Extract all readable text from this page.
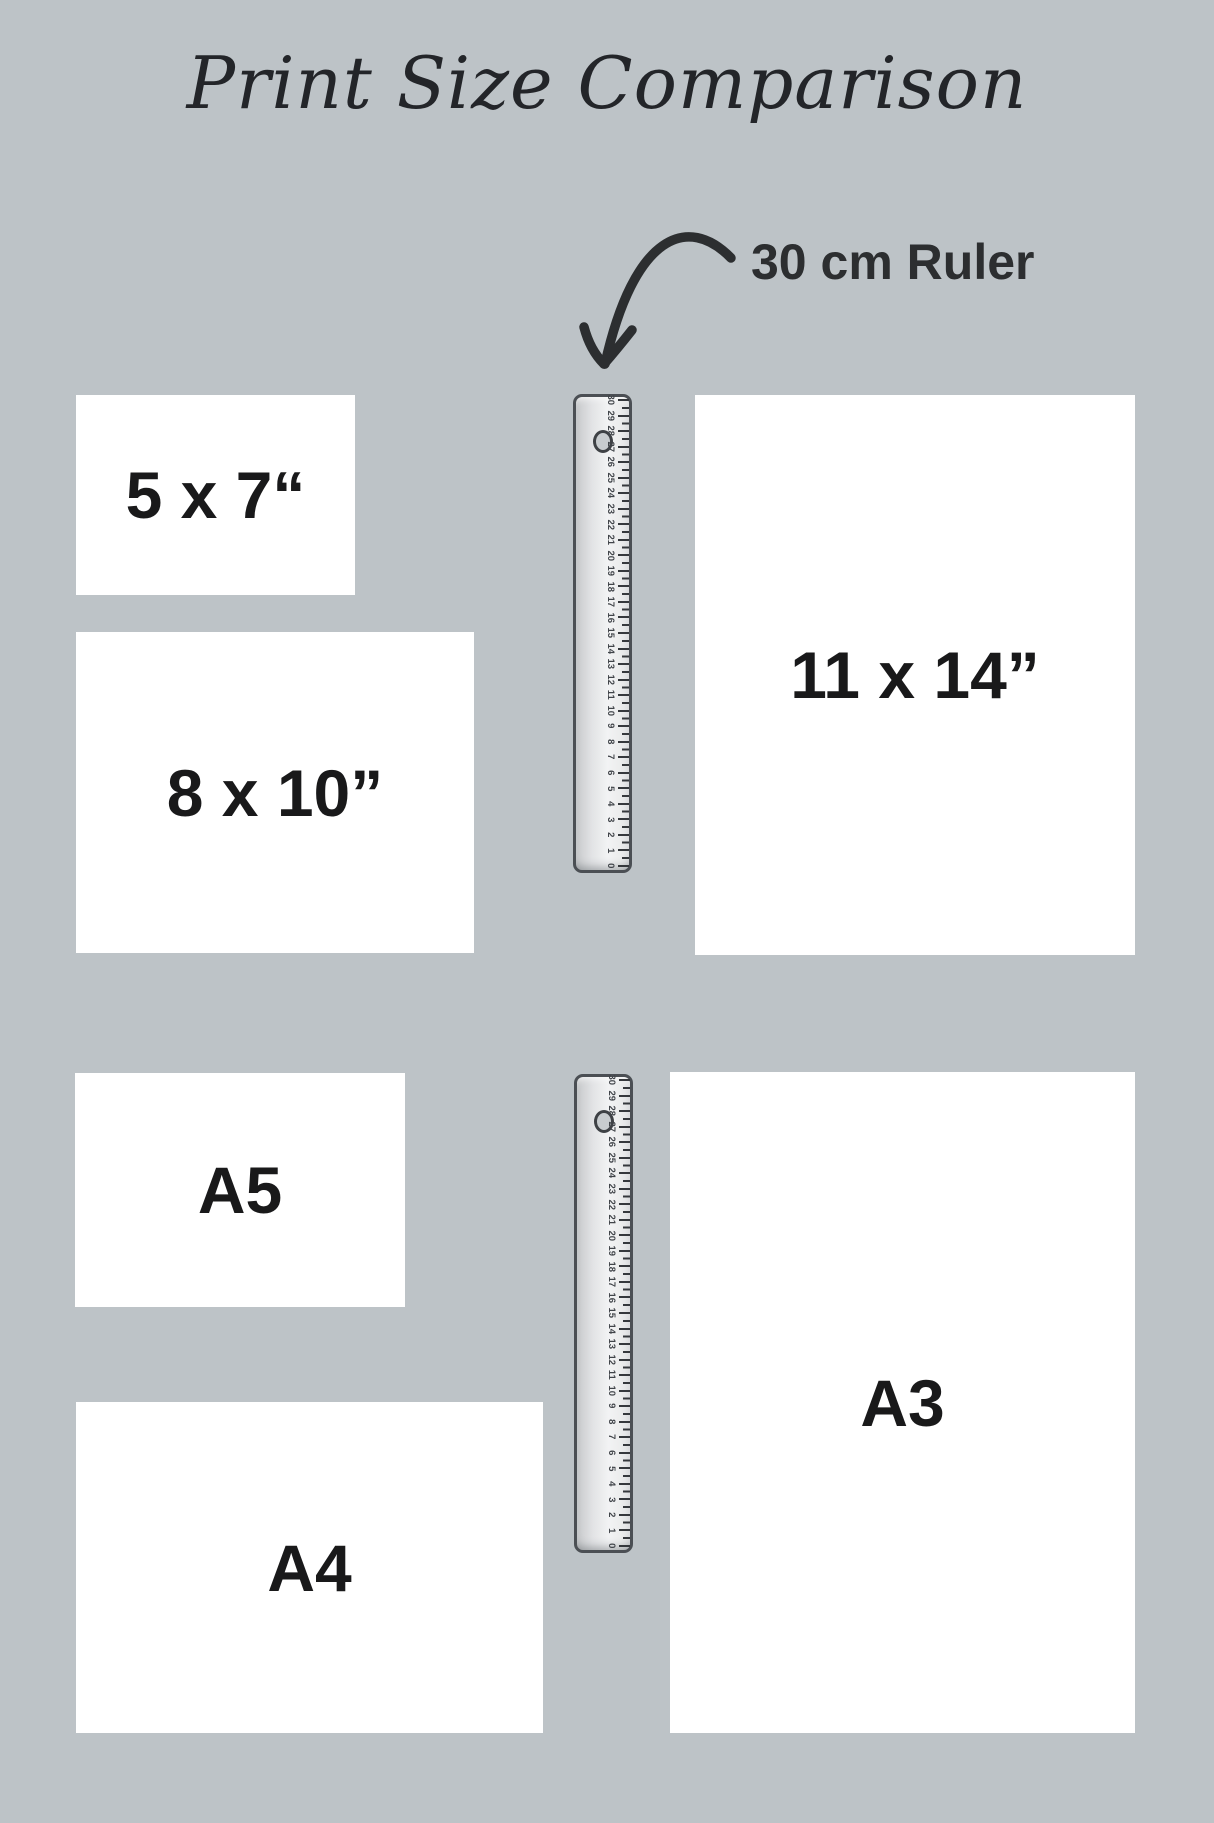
Print Size Comparison
30 cm Ruler
5 x 7“
8 x 10”
11 x 14”
A5
A4
A3
30
29
28
27
26
25
24
23
22
21
20
19
18
17
16
15
14
13
12
11
10
9
8
7
6
5
4
3
2
1
0
30
29
28
27
26
25
24
23
22
21
20
19
18
17
16
15
14
13
12
11
10
9
8
7
6
5
4
3
2
1
0
